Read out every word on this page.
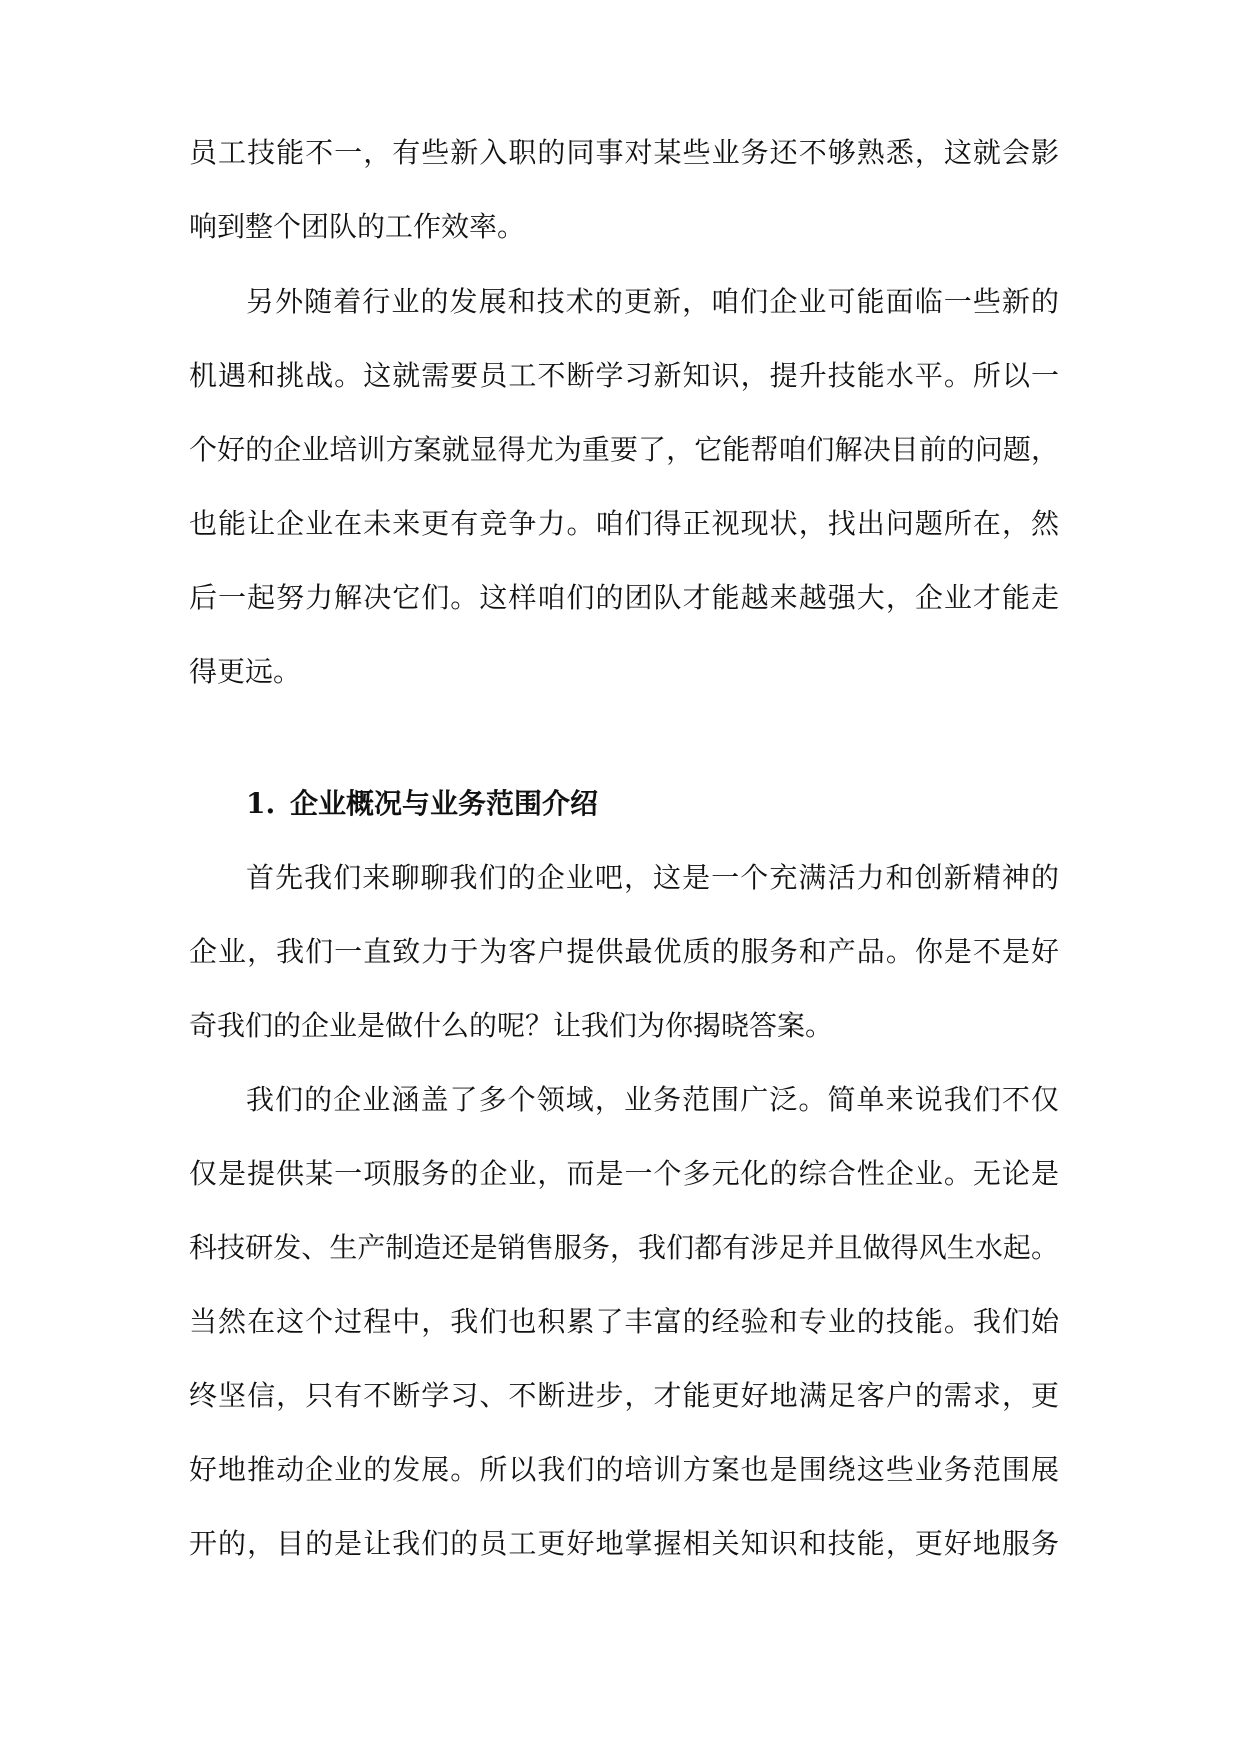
员工技能不一，有些新入职的同事对某些业务还不够熟悉，这就会影
响到整个团队的工作效率。
另外随着行业的发展和技术的更新，咱们企业可能面临一些新的
机遇和挑战。这就需要员工不断学习新知识，提升技能水平。所以一
个好的企业培训方案就显得尤为重要了，它能帮咱们解决目前的问题，
也能让企业在未来更有竞争力。咱们得正视现状，找出问题所在，然
后一起努力解决它们。这样咱们的团队才能越来越强大，企业才能走
得更远。
1. 企业概况与业务范围介绍
首先我们来聊聊我们的企业吧，这是一个充满活力和创新精神的
企业，我们一直致力于为客户提供最优质的服务和产品。你是不是好
奇我们的企业是做什么的呢？让我们为你揭晓答案。
我们的企业涵盖了多个领域，业务范围广泛。简单来说我们不仅
仅是提供某一项服务的企业，而是一个多元化的综合性企业。无论是
科技研发、生产制造还是销售服务，我们都有涉足并且做得风生水起。
当然在这个过程中，我们也积累了丰富的经验和专业的技能。我们始
终坚信，只有不断学习、不断进步，才能更好地满足客户的需求，更
好地推动企业的发展。所以我们的培训方案也是围绕这些业务范围展
开的，目的是让我们的员工更好地掌握相关知识和技能，更好地服务
